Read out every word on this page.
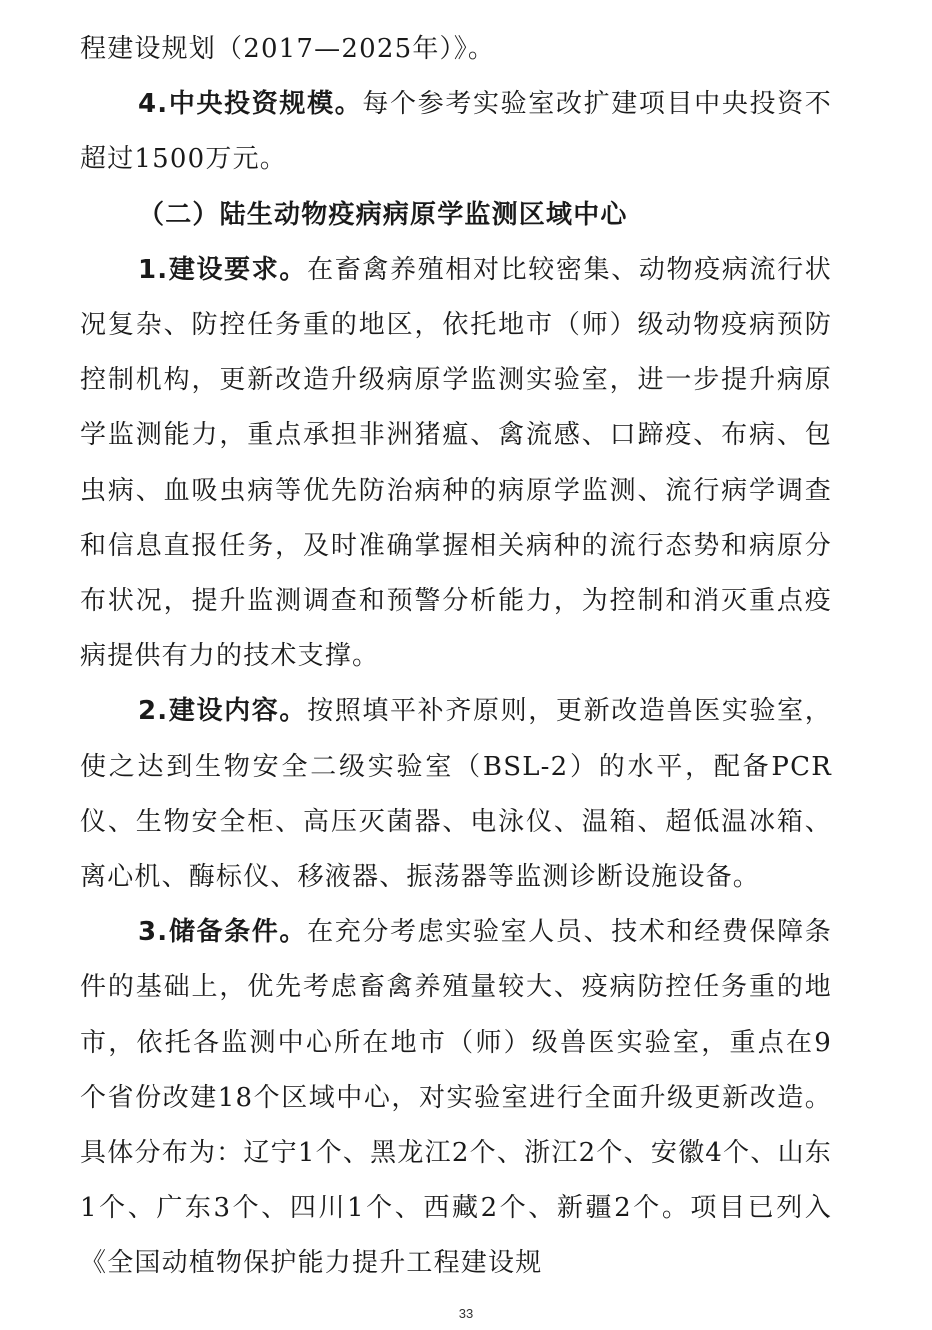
程建设规划（2017—2025年）》。

4.中央投资规模。每个参考实验室改扩建项目中央投资不超过1500万元。

（二）陆生动物疫病病原学监测区域中心

1.建设要求。在畜禽养殖相对比较密集、动物疫病流行状况复杂、防控任务重的地区，依托地市（师）级动物疫病预防控制机构，更新改造升级病原学监测实验室，进一步提升病原学监测能力，重点承担非洲猪瘟、禽流感、口蹄疫、布病、包虫病、血吸虫病等优先防治病种的病原学监测、流行病学调查和信息直报任务，及时准确掌握相关病种的流行态势和病原分布状况，提升监测调查和预警分析能力，为控制和消灭重点疫病提供有力的技术支撑。

2.建设内容。按照填平补齐原则，更新改造兽医实验室，使之达到生物安全二级实验室（BSL-2）的水平，配备PCR仪、生物安全柜、高压灭菌器、电泳仪、温箱、超低温冰箱、离心机、酶标仪、移液器、振荡器等监测诊断设施设备。

3.储备条件。在充分考虑实验室人员、技术和经费保障条件的基础上，优先考虑畜禽养殖量较大、疫病防控任务重的地市，依托各监测中心所在地市（师）级兽医实验室，重点在9个省份改建18个区域中心，对实验室进行全面升级更新改造。具体分布为：辽宁1个、黑龙江2个、浙江2个、安徽4个、山东1个、广东3个、四川1个、西藏2个、新疆2个。项目已列入《全国动植物保护能力提升工程建设规

33
